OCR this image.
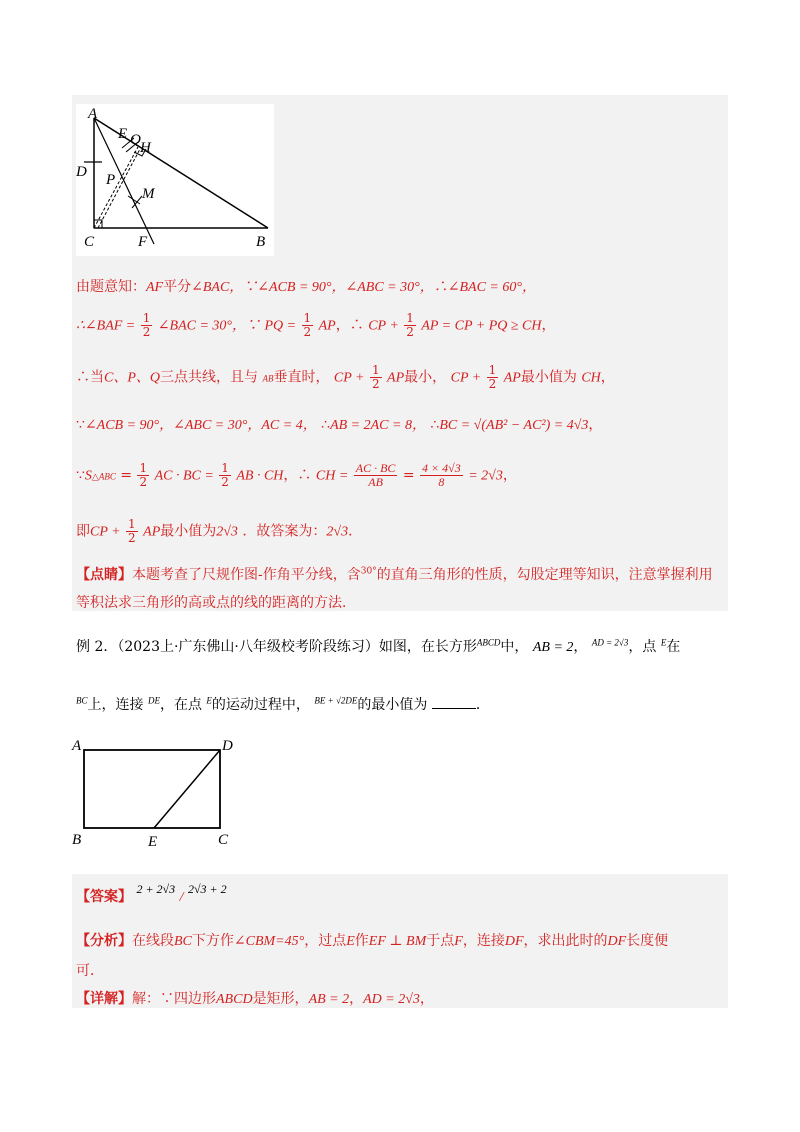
A
E Q H
D P
M
C	F	B
由题意知：AF平分∠BAC，∵∠ACB = 90°，∠ABC = 30°，∴∠BAC = 60°，
∴∠BAF = $\frac{1}{2}$ ∠BAC = 30°，∵ PQ = $\frac{1}{2}$ AP，∴ CP + $\frac{1}{2}$ AP = CP + PQ ≥ CH，
∴当C、P、Q三点共线，且与 AB垂直时， CP + $\frac{1}{2}$ AP最小， CP + $\frac{1}{2}$ AP最小值为 CH，
∵∠ACB = 90°，∠ABC = 30°，AC = 4， ∴AB = 2AC = 8， ∴BC = √(AB² − AC²) = 4√3，
∵S△ABC = $\frac{1}{2}$ AC · BC = $\frac{1}{2}$ AB · CH，∴ CH = $\frac{AC \cdot BC}{AB} = \frac{4 \times 4√3}{8} = 2√3$，
即CP + $\frac{1}{2}$ AP最小值为2√3 ．故答案为：2√3．
【点睛】本题考查了尺规作图-作角平分线，含$^{30^\circ}$的直角三角形的性质，勾股定理等知识，注意掌握利用
等积法求三角形的高或点的线的距离的方法．
例 2．（2023上·广东佛山·八年级校考阶段练习）如图，在长方形$^{ABCD}$中， AB = 2， $^{AD = 2√3}$，点 $^E$在
$^{BC}$上，连接 $^{DE}$，在点 $^E$的运动过程中， $^{BE + √2DE}$的最小值为	．
A	D
B	E	C
【答案】 2 + 2√3 / 2√3 + 2
【分析】在线段BC下方作∠CBM=45°，过点E作EF ⊥ BM于点F，连接DF，求出此时的DF长度便
可．
【详解】解：∵四边形ABCD是矩形，AB = 2，AD = 2√3，
